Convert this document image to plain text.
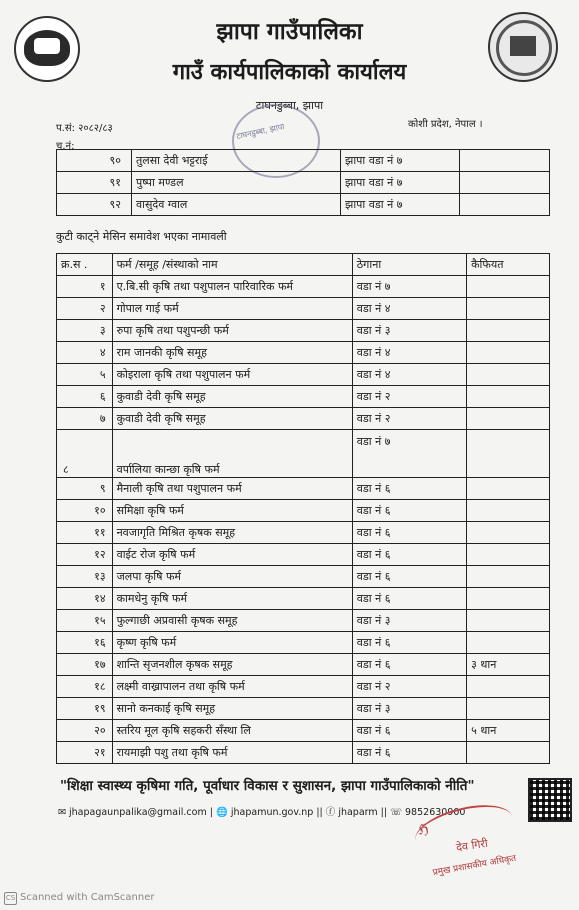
झापा गाउँपालिका
गाउँ कार्यपालिकाको कार्यालय
टाघनडुब्बा, झापा
टाघनडुब्बा, झापा
प.सं: २०८२/८३
च.नं:
कोशी प्रदेश, नेपाल ।
९०	तुलसा देवी भट्टराई	झापा वडा नं ७	
९१	पुष्पा मण्डल	झापा वडा नं ७	
९२	वासुदेव ग्वाल	झापा वडा नं ७	
कुटी काट्ने मेसिन समावेश भएका नामावली
क्र.स .	फर्म /समूह /संस्थाको नाम	ठेगाना	कैफियत
१	ए.बि.सी कृषि तथा पशुपालन पारिवारिक फर्म	वडा नं ७	
२	गोपाल गाई फर्म	वडा नं ४	
३	रुपा कृषि तथा पशुपन्छी फर्म	वडा नं ३	
४	राम जानकी कृषि समूह	वडा नं ४	
५	कोइराला कृषि तथा पशुपालन फर्म	वडा नं ४	
६	कुवाडी देवी कृषि समूह	वडा नं २	
७	कुवाडी देवी कृषि समूह	वडा नं २	
८	वर्पालिया कान्छा कृषि फर्म	वडा नं ७	
९	मैनाली कृषि तथा पशुपालन फर्म	वडा नं ६	
१०	समिक्षा कृषि फर्म	वडा नं ६	
११	नवजागृति मिश्रित कृषक समूह	वडा नं ६	
१२	वाईट रोज कृषि फर्म	वडा नं ६	
१३	जलपा कृषि फर्म	वडा नं ६	
१४	कामधेनु कृषि फर्म	वडा नं ६	
१५	फुल्गाछी अप्रवासी कृषक समूह	वडा नं ३	
१६	कृष्ण कृषि फर्म	वडा नं ६	
१७	शान्ति सृजनशील कृषक समूह	वडा नं ६	३ थान
१८	लक्ष्मी वाख्रापालन तथा कृषि फर्म	वडा नं २	
१९	सानो कनकाई कृषि समूह	वडा नं ३	
२०	स्तरिय मूल कृषि सहकरी सँस्था लि	वडा नं ६	५ थान
२१	रायमाझी पशु तथा कृषि फर्म	वडा नं ६	
"शिक्षा स्वास्थ्य कृषिमा गति, पूर्वाधार विकास र सुशासन, झापा गाउँपालिकाको नीति"
✉ jhapagaunpalika@gmail.com | 🌐 jhapamun.gov.np || ⓕ jhaparm || ☏ 9852630900
ℌ
देव गिरी
प्रमुख प्रशासकीय अधिकृत
CS Scanned with CamScanner
